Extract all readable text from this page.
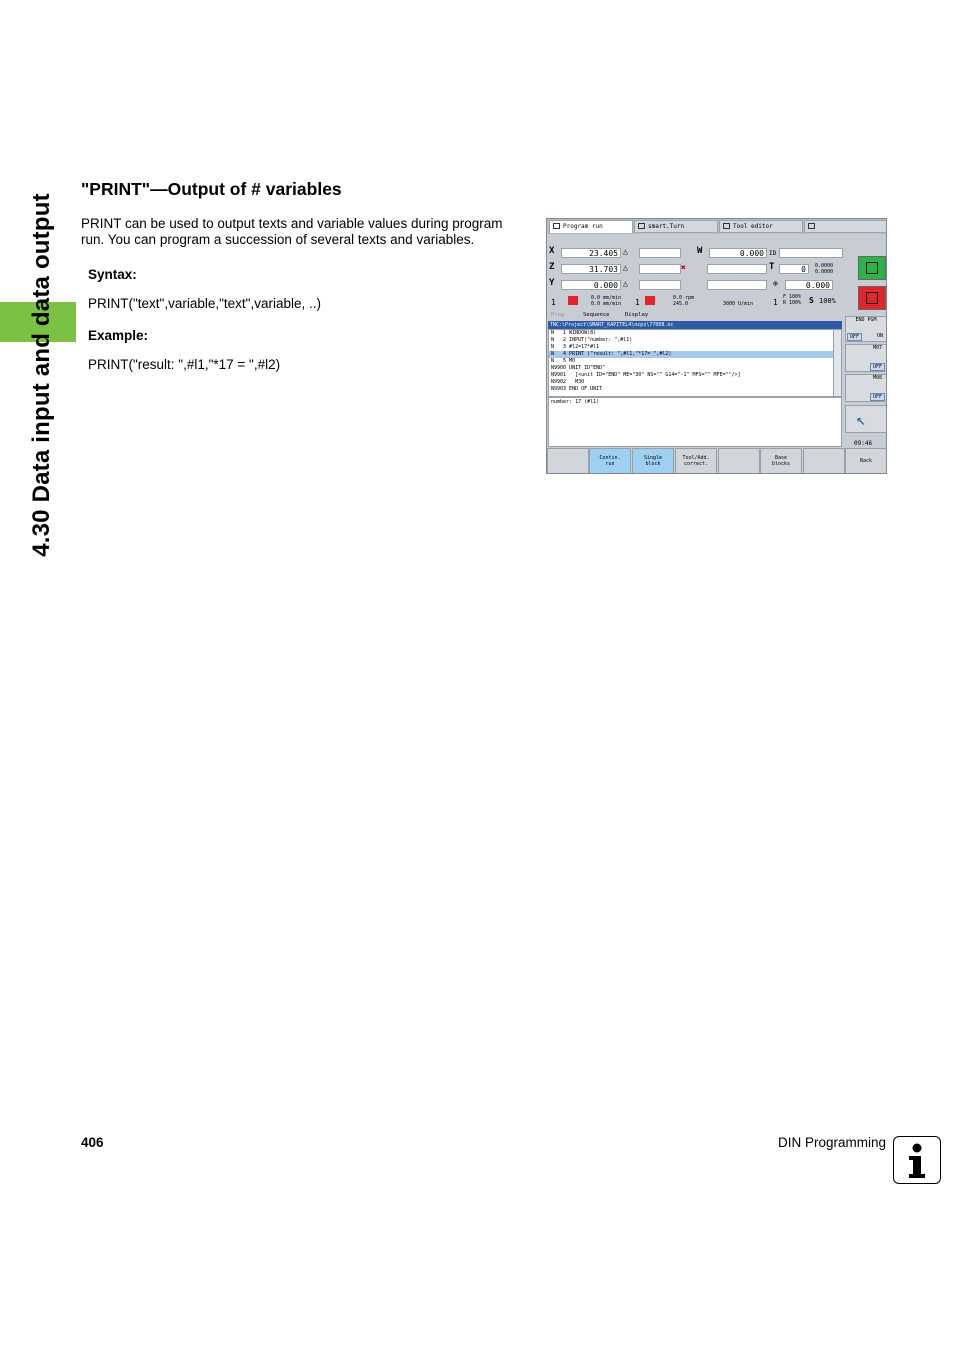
4.30 Data input and data output
"PRINT"—Output of # variables

PRINT can be used to output texts and variable values during program run. You can program a succession of several texts and variables.

Syntax:

PRINT("text",variable,"text",variable, ..)

Example:

PRINT("result: ",#l1,"*17 = ",#l2)

Program run	smart.Turn	Tool editor
X	23.405 △
Z	31.703 △
Y	0.000 △
W	0.000 ID
✖	T	0	0.0000
0.0000
⊕	0.000
1	0.0 mm/min
0.0 mm/min 1	0.0 rpm
245.0	3000 U/min 1
F 100%
R 100% S 100%
END PGM
OFF	ON
M07
OFF
M08
OFF
↖
09:46
Prog	Sequence	Display
TNC:\Project\SMART_KAPITEL4\ncps\77008.nc
N   1 WINDOW(8)
N   2 INPUT("number: ",#l1)
N   3 #l2=17*#l1
N   4 PRINT ("result: ",#l1,"*17= ",#l2)
N   5 M0
N9900 UNIT ID"END"
N9901   [<unit ID="END" ME="30" NS="" G14="-1" MFS="" MFE=""/>]
N9902   M30
N9903 END OF UNIT
number: 17 (#l1)
Contin.
run
Single
block
Tool/Add.
correct.
Base
blocks	Back
406	DIN Programming
